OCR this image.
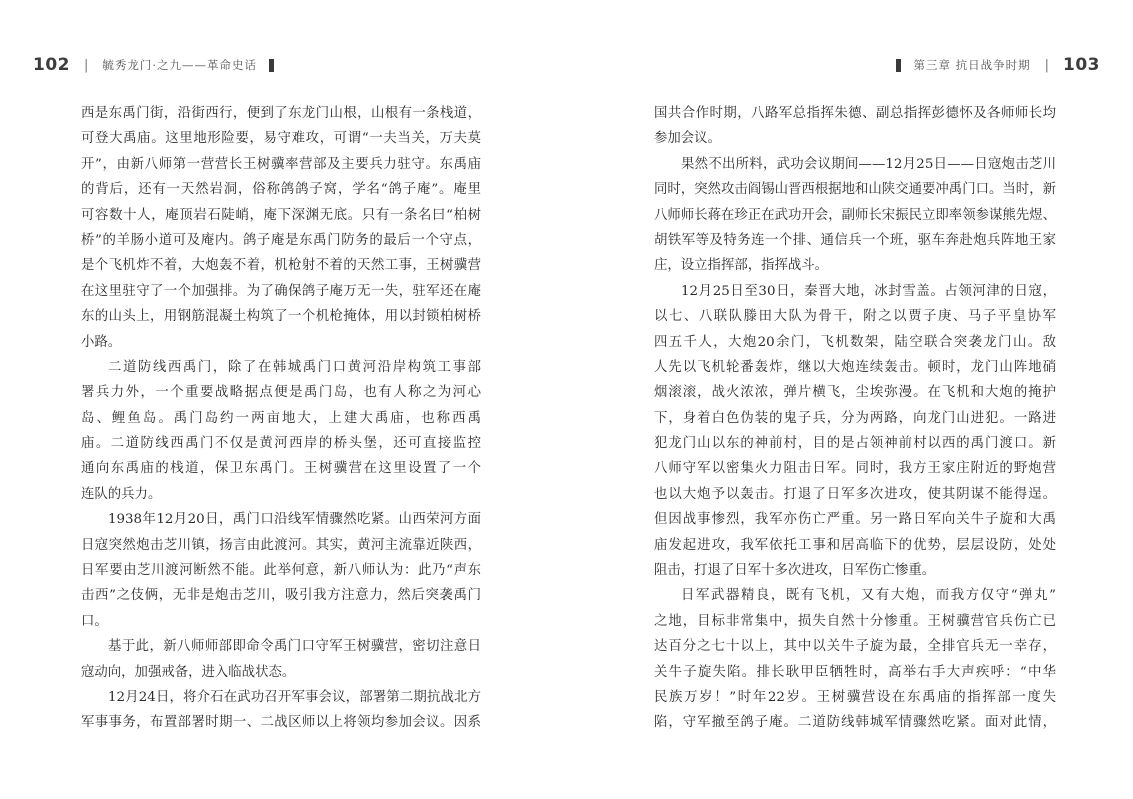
102 | 毓秀龙门·之九——革命史话
西是东禹门街，沿街西行，便到了东龙门山根，山根有一条栈道，
可登大禹庙。这里地形险要，易守难攻，可谓“一夫当关，万夫莫
开”，由新八师第一营营长王树骥率营部及主要兵力驻守。东禹庙
的背后，还有一天然岩洞，俗称鸽鸽子窝，学名“鸽子庵”。庵里
可容数十人，庵顶岩石陡峭，庵下深渊无底。只有一条名曰“柏树
桥”的羊肠小道可及庵内。鸽子庵是东禹门防务的最后一个守点，
是个飞机炸不着，大炮轰不着，机枪射不着的天然工事，王树骥营
在这里驻守了一个加强排。为了确保鸽子庵万无一失，驻军还在庵
东的山头上，用钢筋混凝土构筑了一个机枪掩体，用以封锁柏树桥
小路。
二道防线西禹门，除了在韩城禹门口黄河沿岸构筑工事部
署兵力外，一个重要战略据点便是禹门岛，也有人称之为河心
岛、鲤鱼岛。禹门岛约一两亩地大，上建大禹庙，也称西禹
庙。二道防线西禹门不仅是黄河西岸的桥头堡，还可直接监控
通向东禹庙的栈道，保卫东禹门。王树骥营在这里设置了一个
连队的兵力。
1938年12月20日，禹门口沿线军情骤然吃紧。山西荣河方面
日寇突然炮击芝川镇，扬言由此渡河。其实，黄河主流靠近陕西，
日军要由芝川渡河断然不能。此举何意，新八师认为：此乃“声东
击西”之伎俩，无非是炮击芝川，吸引我方注意力，然后突袭禹门
口。
基于此，新八师师部即命令禹门口守军王树骥营，密切注意日
寇动向，加强戒备，进入临战状态。
12月24日，将介石在武功召开军事会议，部署第二期抗战北方
军事事务，布置部署时期一、二战区师以上将领均参加会议。因系
第三章 抗日战争时期 | 103
国共合作时期，八路军总指挥朱德、副总指挥彭德怀及各师师长均
参加会议。
果然不出所料，武功会议期间——12月25日——日寇炮击芝川
同时，突然攻击阎锡山晋西根据地和山陕交通要冲禹门口。当时，新
八师师长蒋在珍正在武功开会，副师长宋振民立即率领参谋熊先煜、
胡铁军等及特务连一个排、通信兵一个班，驱车奔赴炮兵阵地王家
庄，设立指挥部，指挥战斗。
12月25日至30日，秦晋大地，冰封雪盖。占领河津的日寇，
以七、八联队滕田大队为骨干，附之以贾子庚、马子平皇协军
四五千人，大炮20余门，飞机数架，陆空联合突袭龙门山。敌
人先以飞机轮番轰炸，继以大炮连续轰击。顿时，龙门山阵地硝
烟滚滚，战火浓浓，弹片横飞，尘埃弥漫。在飞机和大炮的掩护
下，身着白色伪装的鬼子兵，分为两路，向龙门山进犯。一路进
犯龙门山以东的神前村，目的是占领神前村以西的禹门渡口。新
八师守军以密集火力阻击日军。同时，我方王家庄附近的野炮营
也以大炮予以轰击。打退了日军多次进攻，使其阴谋不能得逞。
但因战事惨烈，我军亦伤亡严重。另一路日军向关牛子旋和大禹
庙发起进攻，我军依托工事和居高临下的优势，层层设防，处处
阻击，打退了日军十多次进攻，日军伤亡惨重。
日军武器精良，既有飞机，又有大炮，而我方仅守“弹丸”
之地，目标非常集中，损失自然十分惨重。王树骥营官兵伤亡已
达百分之七十以上，其中以关牛子旋为最，全排官兵无一幸存，
关牛子旋失陷。排长耿甲臣牺牲时，高举右手大声疾呼：“中华
民族万岁！”时年22岁。王树骥营设在东禹庙的指挥部一度失
陷，守军撤至鸽子庵。二道防线韩城军情骤然吃紧。面对此情，
